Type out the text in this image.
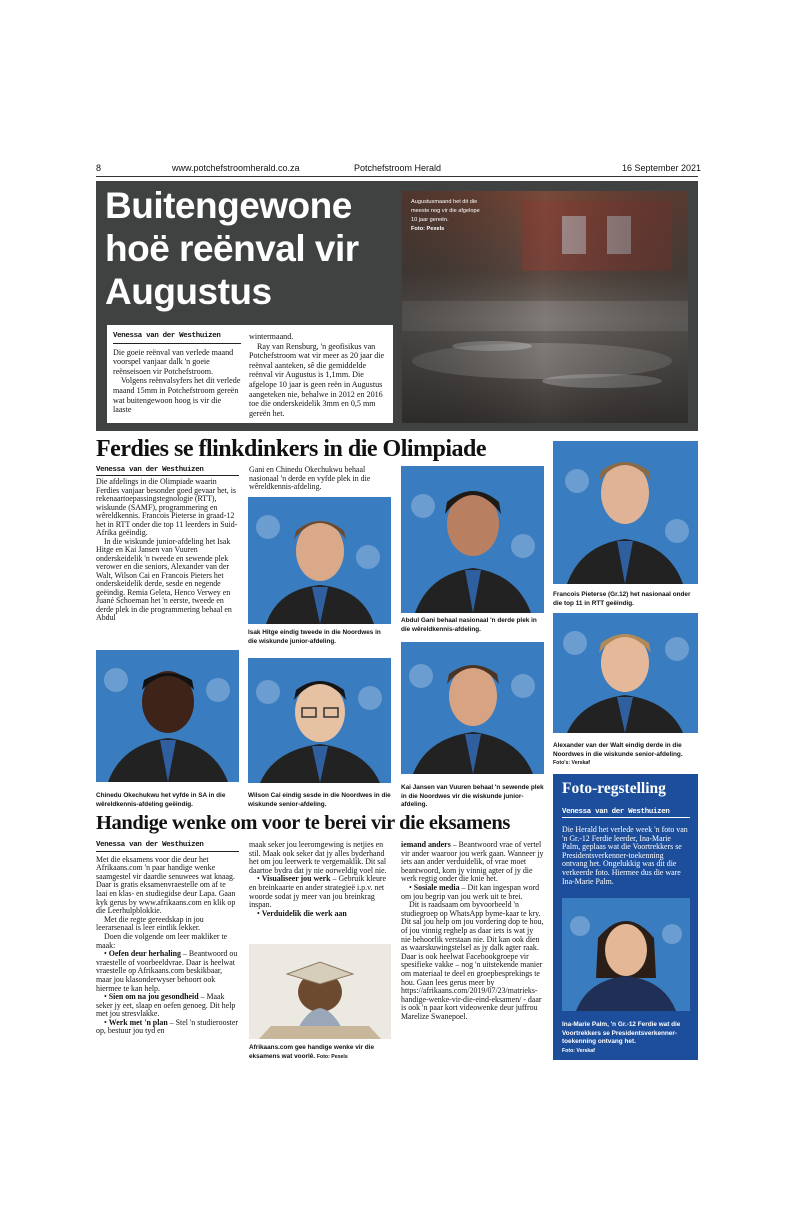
8	www.potchefstroomherald.co.za	Potchefstroom Herald	16 September 2021
Buitengewone
hoë reënval vir
Augustus
Augustusmaand het dit die meeste nog vir die afgelope 10 jaar gereën.
Foto: Pexels
Venessa van der Westhuizen

Die goeie reënval van verlede maand voorspel vanjaar dalk 'n goeie reënseisoen vir Potchefstroom.

Volgens reënvalsyfers het dit verlede maand 15mm in Potchefstroom gereën wat buitengewoon hoog is vir die laaste

wintermaand.

Ray van Rensburg, 'n geofisikus van Potchefstroom wat vir meer as 20 jaar die reënval aanteken, sê die gemiddelde reënval vir Augustus is 1,1mm. Die afgelope 10 jaar is geen reën in Augustus aangeteken nie, behalwe in 2012 en 2016 toe die onderskeidelik 3mm en 0,5 mm gereën het.

Ferdies se flinkdinkers in die Olimpiade
Venessa van der Westhuizen

Die afdelings in die Olimpiade waarin Ferdies vanjaar besonder goed gevaar het, is rekenaartoepassingstegnologie (RTT), wiskunde (SAMF), programmering en wêreldkennis. Francois Pieterse in graad-12 het in RTT onder die top 11 leerders in Suid-Afrika geëindig.

In die wiskunde junior-afdeling het Isak Hitge en Kai Jansen van Vuuren onderskeidelik 'n tweede en sewende plek verower en die seniors, Alexander van der Walt, Wilson Cai en Francois Pieters het onderskeidelik derde, sesde en negende geëindig. Remia Geleta, Henco Verwey en Juané Schoeman het 'n eerste, tweede en derde plek in die programmering behaal en Abdul

Gani en Chinedu Okechukwu behaal nasionaal 'n derde en vyfde plek in die wêreldkennis-afdeling.

Isak Hitge eindig tweede in die Noordwes in die wiskunde junior-afdeling.
Abdul Gani behaal nasionaal 'n derde plek in die wêreldkennis-afdeling.
Francois Pieterse (Gr.12) het nasionaal onder die top 11 in RTT geëindig.
Chinedu Okechukwu het vyfde in SA in die wêreldkennis-afdeling geëindig.
Wilson Cai eindig sesde in die Noordwes in die wiskunde senior-afdeling.
Kai Jansen van Vuuren behaal 'n sewende plek in die Noordwes vir die wiskunde junior-afdeling.
Alexander van der Walt eindig derde in die Noordwes in die wiskunde senior-afdeling.
Foto's: Verskaf
Handige wenke om voor te berei vir die eksamens
Venessa van der Westhuizen

Met die eksamens voor die deur het Afrikaans.com 'n paar handige wenke saamgestel vir daardie senuwees wat knaag. Daar is gratis eksamenvraestelle om af te laai en klas- en studiegidse deur Lapa. Gaan kyk gerus by www.afrikaans.com en klik op die Leerhulpblokkie.

Met die regte gereedskap in jou leerarsenaal is leer eintlik lekker.

Doen die volgende om leer makliker te maak:

• Oefen deur herhaling – Beantwoord ou vraestelle of voorbeeldvrae. Daar is heelwat vraestelle op Afrikaans.com beskikbaar, maar jou klasonderwyser behoort ook hiermee te kan help.

• Sien om na jou gesondheid – Maak seker jy eet, slaap en oefen genoeg. Dit help met jou stresvlakke.

• Werk met 'n plan – Stel 'n studierooster op, bestuur jou tyd en

maak seker jou leeromgewing is netjies en stil. Maak ook seker dat jy alles byderhand het om jou leerwerk te vergemaklik. Dit sal daartoe bydra dat jy nie oorweldig voel nie.

• Visualiseer jou werk – Gebruik kleure en breinkaarte en ander strategieë i.p.v. net woorde sodat jy meer van jou breinkrag inspan.

• Verduidelik die werk aan

Afrikaans.com gee handige wenke vir die eksamens wat voorlê. Foto: Pexels

iemand anders – Beantwoord vrae of vertel vir ander waaroor jou werk gaan. Wanneer jy iets aan ander verduidelik, of vrae moet beantwoord, kom jy vinnig agter of jy die werk regtig onder die knie het.

• Sosiale media – Dit kan ingespan word om jou begrip van jou werk uit te brei.

Dit is raadsaam om byvoorbeeld 'n studiegroep op WhatsApp byme-kaar te kry. Dit sal jou help om jou vordering dop te hou, of jou vinnig reghelp as daar iets is wat jy nie behoorlik verstaan nie. Dit kan ook dien as waarskuwingstelsel as jy dalk agter raak. Daar is ook heelwat Facebookgroepe vir spesifieke vakke – nog 'n uitstekende manier om materiaal te deel en groepbesprekings te hou. Gaan lees gerus meer by https://afrikaans.com/2019/07/23/matrieks-handige-wenke-vir-die-eind-eksamen/ - daar is ook 'n paar kort videowenke deur juffrou Marelize Swanepoel.

Foto-regstelling
Venessa van der Westhuizen
Die Herald het verlede week 'n foto van 'n Gr.-12 Ferdie leerder, Ina-Marie Palm, geplaas wat die Voortrekkers se Presidentsverkenner-toekenning ontvang het. Ongelukkig was dit die verkeerde foto. Hiermee dus die ware Ina-Marie Palm.
Ina-Marie Palm, 'n Gr.-12 Ferdie wat die Voortrekkers se Presidentsverkenner-toekenning ontvang het.
Foto: Verskaf
